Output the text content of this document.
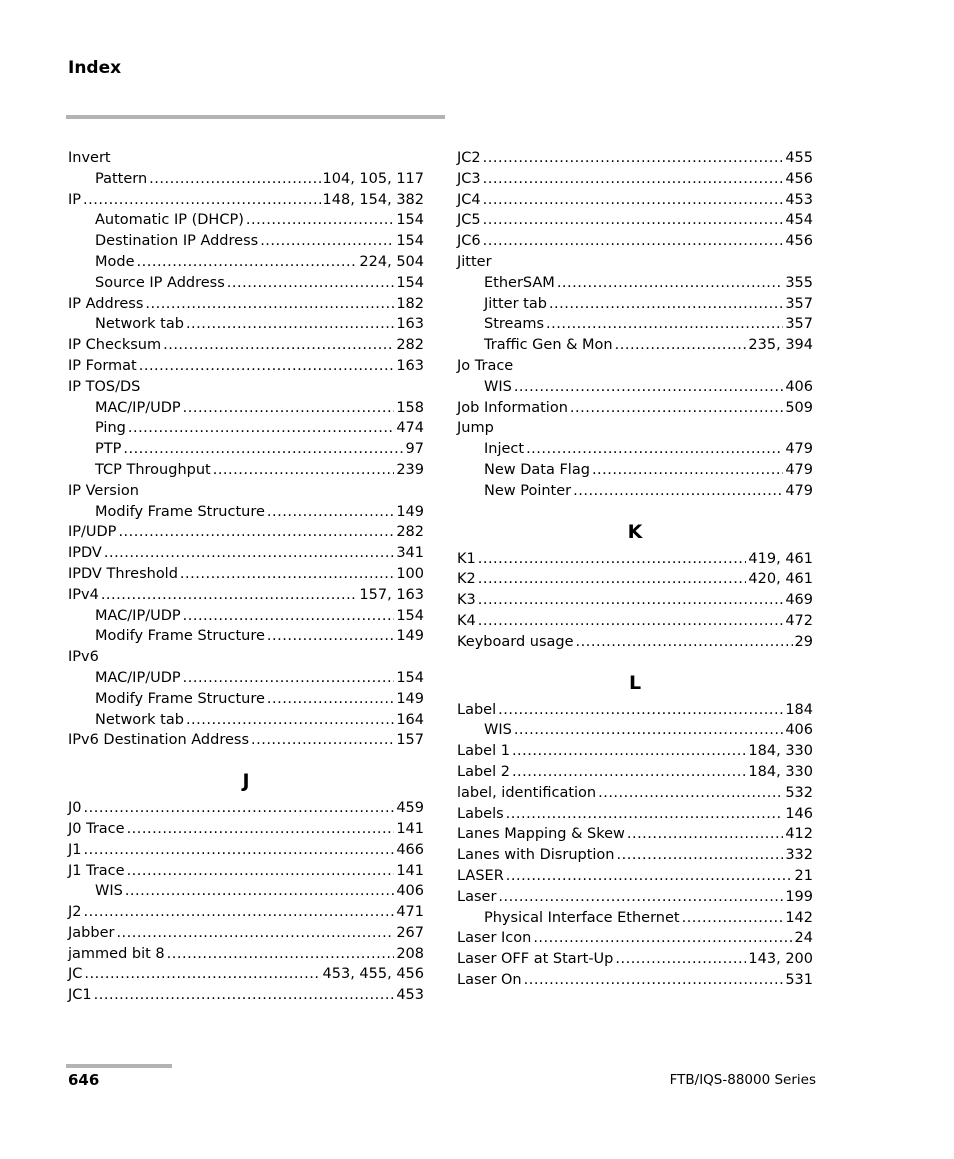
Index
Invert
Pattern .....	104, 105, 117
IP .....	148, 154, 382
Automatic IP (DHCP) .....	154
Destination IP Address .....	154
Mode .....	224, 504
Source IP Address .....	154
IP Address .....	182
Network tab .....	163
IP Checksum .....	282
IP Format .....	163
IP TOS/DS
MAC/IP/UDP .....	158
Ping .....	474
PTP .....	97
TCP Throughput .....	239
IP Version
Modify Frame Structure .....	149
IP/UDP .....	282
IPDV .....	341
IPDV Threshold .....	100
IPv4 .....	157, 163
MAC/IP/UDP .....	154
Modify Frame Structure .....	149
IPv6
MAC/IP/UDP .....	154
Modify Frame Structure .....	149
Network tab .....	164
IPv6 Destination Address .....	157
J
J0 .....	459
J0 Trace .....	141
J1 .....	466
J1 Trace .....	141
WIS .....	406
J2 .....	471
Jabber .....	267
jammed bit 8 .....	208
JC .....	453, 455, 456
JC1 .....	453
JC2 .....	455
JC3 .....	456
JC4 .....	453
JC5 .....	454
JC6 .....	456
Jitter
EtherSAM .....	355
Jitter tab .....	357
Streams .....	357
Traffic Gen & Mon .....	235, 394
Jo Trace
WIS .....	406
Job Information .....	509
Jump
Inject .....	479
New Data Flag .....	479
New Pointer .....	479
K
K1 .....	419, 461
K2 .....	420, 461
K3 .....	469
K4 .....	472
Keyboard usage .....	29
L
Label .....	184
WIS .....	406
Label 1 .....	184, 330
Label 2 .....	184, 330
label, identification .....	532
Labels .....	146
Lanes Mapping & Skew .....	412
Lanes with Disruption .....	332
LASER .....	21
Laser .....	199
Physical Interface Ethernet .....	142
Laser Icon .....	24
Laser OFF at Start-Up .....	143, 200
Laser On .....	531
646	FTB/IQS-88000 Series
